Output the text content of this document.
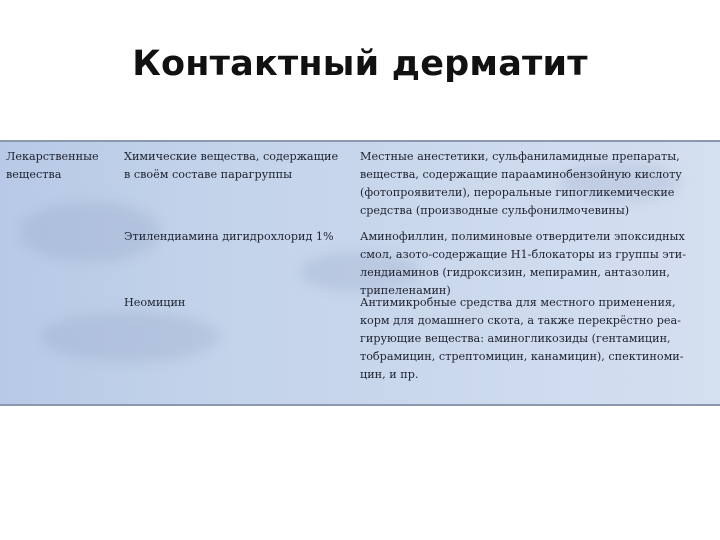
Контактный дерматит
Лекарственные
вещества
Химические вещества, содержащие
в своём составе парагруппы
Местные анестетики, сульфаниламидные препараты,
вещества, содержащие парааминобензойную кислоту
(фотопроявители), пероральные гипогликемические
средства (производные сульфонилмочевины)
Этилендиамина дигидрохлорид 1%	Аминофиллин, полиминовые отвердители эпоксидных
смол, азото-содержащие Н1-блокаторы из группы эти-
лендиаминов (гидроксизин, мепирамин, антазолин,
трипеленамин)
Неомицин	Антимикробные средства для местного применения,
корм для домашнего скота, а также перекрёстно реа-
гирующие вещества: аминогликозиды (гентамицин,
тобрамицин, стрептомицин, канамицин), спектиноми-
цин, и пр.
